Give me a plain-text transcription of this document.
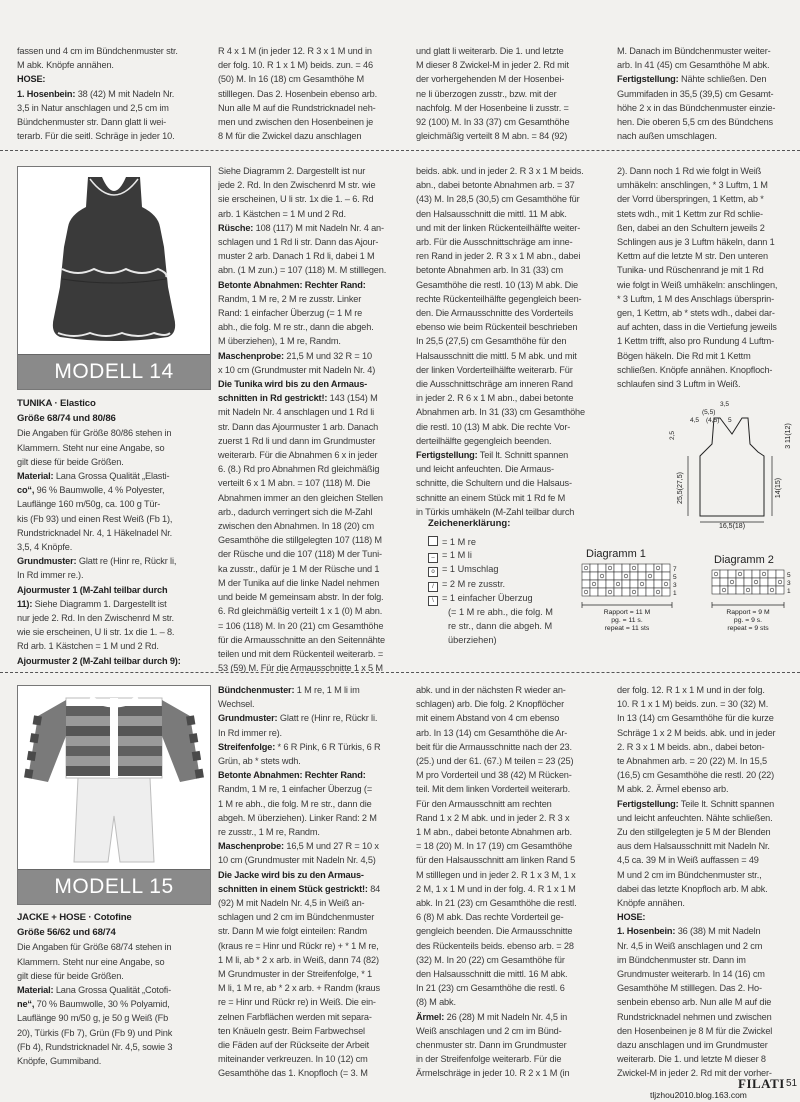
fassen und 4 cm im Bündchenmuster str.

M abk. Knöpfe annähen.

HOSE:

1. Hosenbein: 38 (42) M mit Nadeln Nr.

3,5 in Natur anschlagen und 2,5 cm im

Bündchenmuster str. Dann glatt li wei-

terarb. Für die seitl. Schräge in jeder 10.

R 4 x 1 M (in jeder 12. R 3 x 1 M und in

der folg. 10. R 1 x 1 M) beids. zun. = 46

(50) M. In 16 (18) cm Gesamthöhe M

stilllegen. Das 2. Hosenbein ebenso arb.

Nun alle M auf die Rundstricknadel neh-

men und zwischen den Hosenbeinen je

8 M für die Zwickel dazu anschlagen

und glatt li weiterarb. Die 1. und letzte

M dieser 8 Zwickel-M in jeder 2. Rd mit

der vorhergehenden M der Hosenbei-

ne li überzogen zusstr., bzw. mit der

nachfolg. M der Hosenbeine li zusstr. =

92 (100) M. In 33 (37) cm Gesamthöhe

gleichmäßig verteilt 8 M abn. = 84 (92)

M. Danach im Bündchenmuster weiter-

arb. In 41 (45) cm Gesamthöhe M abk.

Fertigstellung: Nähte schließen. Den

Gummifaden in 35,5 (39,5) cm Gesamt-

höhe 2 x in das Bündchenmuster einzie-

hen. Die oberen 5,5 cm des Bündchens

nach außen umschlagen.

MODELL 14

TUNIKA · Elastico

Größe 68/74 und 80/86

Die Angaben für Größe 80/86 stehen in

Klammern. Steht nur eine Angabe, so

gilt diese für beide Größen.

Material: Lana Grossa Qualität „Elasti-

co“, 96 % Baumwolle, 4 % Polyester,

Lauflänge 160 m/50g, ca. 100 g Tür-

kis (Fb 93) und einen Rest Weiß (Fb 1),

Rundstricknadel Nr. 4, 1 Häkelnadel Nr.

3,5, 4 Knöpfe.

Grundmuster: Glatt re (Hinr re, Rückr li,

In Rd immer re.).

Ajourmuster 1 (M-Zahl teilbar durch

11): Siehe Diagramm 1. Dargestellt ist

nur jede 2. Rd. In den Zwischenrd M str.

wie sie erscheinen, U li str. 1x die 1. – 8.

Rd arb. 1 Kästchen = 1 M und 2 Rd.

Ajourmuster 2 (M-Zahl teilbar durch 9):

Siehe Diagramm 2. Dargestellt ist nur

jede 2. Rd. In den Zwischenrd M str. wie

sie erscheinen, U li str. 1x die 1. – 6. Rd

arb. 1 Kästchen = 1 M und 2 Rd.

Rüsche: 108 (117) M mit Nadeln Nr. 4 an-

schlagen und 1 Rd li str. Dann das Ajour-

muster 2 arb. Danach 1 Rd li, dabei 1 M

abn. (1 M zun.) = 107 (118) M. M stilllegen.

Betonte Abnahmen: Rechter Rand:

Randm, 1 M re, 2 M re zusstr. Linker

Rand: 1 einfacher Überzug (= 1 M re

abh., die folg. M re str., dann die abgeh.

M überziehen), 1 M re, Randm.

Maschenprobe: 21,5 M und 32 R = 10

x 10 cm (Grundmuster mit Nadeln Nr. 4)

Die Tunika wird bis zu den Armaus-

schnitten in Rd gestrickt!: 143 (154) M

mit Nadeln Nr. 4 anschlagen und 1 Rd li

str. Dann das Ajourmuster 1 arb. Danach

zuerst 1 Rd li und dann im Grundmuster

weiterarb. Für die Abnahmen 6 x in jeder

6. (8.) Rd pro Abnahmen Rd gleichmäßig

verteilt 6 x 1 M abn. = 107 (118) M. Die

Abnahmen immer an den gleichen Stellen

arb., dadurch verringert sich die M-Zahl

zwischen den Abnahmen. In 18 (20) cm

Gesamthöhe die stillgelegten 107 (118) M

der Rüsche und die 107 (118) M der Tuni-

ka zusstr., dafür je 1 M der Rüsche und 1

M der Tunika auf die linke Nadel nehmen

und beide M gemeinsam abstr. In der folg.

6. Rd gleichmäßig verteilt 1 x 1 (0) M abn.

= 106 (118) M. In 20 (21) cm Gesamthöhe

für die Armausschnitte an den Seitennähte

teilen und mit dem Rückenteil weiterarb. =

53 (59) M. Für die Armausschnitte 1 x 5 M

beids. abk. und in jeder 2. R 3 x 1 M beids.

abn., dabei betonte Abnahmen arb. = 37

(43) M. In 28,5 (30,5) cm Gesamthöhe für

den Halsausschnitt die mittl. 11 M abk.

und mit der linken Rückenteilhälfte weiter-

arb. Für die Ausschnittschräge am inne-

ren Rand in jeder 2. R 3 x 1 M abn., dabei

betonte Abnahmen arb. In 31 (33) cm

Gesamthöhe die restl. 10 (13) M abk. Die

rechte Rückenteilhälfte gegengleich been-

den. Die Armausschnitte des Vorderteils

ebenso wie beim Rückenteil beschrieben

In 25,5 (27,5) cm Gesamthöhe für den

Halsausschnitt die mittl. 5 M abk. und mit

der linken Vorderteilhälfte weiterarb. Für

die Ausschnittschräge am inneren Rand

in jeder 2. R 6 x 1 M abn., dabei betonte

Abnahmen arb. In 31 (33) cm Gesamthöhe

die restl. 10 (13) M abk. Die rechte Vor-

derteilhälfte gegengleich beenden.

Fertigstellung: Teil lt. Schnitt spannen

und leicht anfeuchten. Die Armaus-

schnitte, die Schultern und die Halsaus-

schnitte an einem Stück mit 1 Rd fe M

in Türkis umhäkeln (M-Zahl teilbar durch

2). Dann noch 1 Rd wie folgt in Weiß

umhäkeln: anschlingen, * 3 Luftm, 1 M

der Vorrd überspringen, 1 Kettm, ab *

stets wdh., mit 1 Kettm zur Rd schlie-

ßen, dabei an den Schultern jeweils 2

Schlingen aus je 3 Luftm häkeln, dann 1

Kettm auf die letzte M str. Den unteren

Tunika- und Rüschenrand je mit 1 Rd

wie folgt in Weiß umhäkeln: anschlingen,

* 3 Luftm, 1 M des Anschlags übersprin-

gen, 1 Kettm, ab * stets wdh., dabei dar-

auf achten, dass in die Vertiefung jeweils

1 Kettm trifft, also pro Rundung 4 Luftm-

Bögen häkeln. Die Rd mit 1 Kettm

schließen. Knöpfe annähen. Knopfloch-

schlaufen sind 3 Luftm in Weiß.

16,5(18)
25,5(27,5)	14(15)
3 11(12)
3,5
(5,5)
4,5 (4,5) 5
2,5
Zeichenerklärung:
= 1 M re
– = 1 M li
o = 1 Umschlag
/ = 2 M re zusstr.
\ = 1 einfacher Überzug
(= 1 M re abh., die folg. M
re str., dann die abgeh. M
überziehen)
Diagramm 1
7
5
3
1
Rapport = 11 M
pg. = 11 s.
repeat = 11 sts
Diagramm 2
5
3
1
Rapport = 9 M
pg. = 9 s.
repeat = 9 sts
MODELL 15

JACKE + HOSE · Cotofine

Größe 56/62 und 68/74

Die Angaben für Größe 68/74 stehen in

Klammern. Steht nur eine Angabe, so

gilt diese für beide Größen.

Material: Lana Grossa Qualität „Cotofi-

ne“, 70 % Baumwolle, 30 % Polyamid,

Lauflänge 90 m/50 g, je 50 g Weiß (Fb

20), Türkis (Fb 7), Grün (Fb 9) und Pink

(Fb 4), Rundstricknadel Nr. 4,5, sowie 3

Knöpfe, Gummiband.

Bündchenmuster: 1 M re, 1 M li im

Wechsel.

Grundmuster: Glatt re (Hinr re, Rückr li.

In Rd immer re).

Streifenfolge: * 6 R Pink, 6 R Türkis, 6 R

Grün, ab * stets wdh.

Betonte Abnahmen: Rechter Rand:

Randm, 1 M re, 1 einfacher Überzug (=

1 M re abh., die folg. M re str., dann die

abgeh. M überziehen). Linker Rand: 2 M

re zusstr., 1 M re, Randm.

Maschenprobe: 16,5 M und 27 R = 10 x

10 cm (Grundmuster mit Nadeln Nr. 4,5)

Die Jacke wird bis zu den Armaus-

schnitten in einem Stück gestrickt!: 84

(92) M mit Nadeln Nr. 4,5 in Weiß an-

schlagen und 2 cm im Bündchenmuster

str. Dann M wie folgt einteilen: Randm

(kraus re = Hinr und Rückr re) + * 1 M re,

1 M li, ab * 2 x arb. in Weiß, dann 74 (82)

M Grundmuster in der Streifenfolge, * 1

M li, 1 M re, ab * 2 x arb. + Randm (kraus

re = Hinr und Rückr re) in Weiß. Die ein-

zelnen Farbflächen werden mit separa-

ten Knäueln gestr. Beim Farbwechsel

die Fäden auf der Rückseite der Arbeit

miteinander verkreuzen. In 10 (12) cm

Gesamthöhe das 1. Knopfloch (= 3. M

abk. und in der nächsten R wieder an-

schlagen) arb. Die folg. 2 Knopflöcher

mit einem Abstand von 4 cm ebenso

arb. In 13 (14) cm Gesamthöhe die Ar-

beit für die Armausschnitte nach der 23.

(25.) und der 61. (67.) M teilen = 23 (25)

M pro Vorderteil und 38 (42) M Rücken-

teil. Mit dem linken Vorderteil weiterarb.

Für den Armausschnitt am rechten

Rand 1 x 2 M abk. und in jeder 2. R 3 x

1 M abn., dabei betonte Abnahmen arb.

= 18 (20) M. In 17 (19) cm Gesamthöhe

für den Halsausschnitt am linken Rand 5

M stilllegen und in jeder 2. R 1 x 3 M, 1 x

2 M, 1 x 1 M und in der folg. 4. R 1 x 1 M

abk. In 21 (23) cm Gesamthöhe die restl.

6 (8) M abk. Das rechte Vorderteil ge-

gengleich beenden. Die Armausschnitte

des Rückenteils beids. ebenso arb. = 28

(32) M. In 20 (22) cm Gesamthöhe für

den Halsausschnitt die mittl. 16 M abk.

In 21 (23) cm Gesamthöhe die restl. 6

(8) M abk.

Ärmel: 26 (28) M mit Nadeln Nr. 4,5 in

Weiß anschlagen und 2 cm im Bünd-

chenmuster str. Dann im Grundmuster

in der Streifenfolge weiterarb. Für die

Ärmelschräge in jeder 10. R 2 x 1 M (in

der folg. 12. R 1 x 1 M und in der folg.

10. R 1 x 1 M) beids. zun. = 30 (32) M.

In 13 (14) cm Gesamthöhe für die kurze

Schräge 1 x 2 M beids. abk. und in jeder

2. R 3 x 1 M beids. abn., dabei beton-

te Abnahmen arb. = 20 (22) M. In 15,5

(16,5) cm Gesamthöhe die restl. 20 (22)

M abk. 2. Ärmel ebenso arb.

Fertigstellung: Teile lt. Schnitt spannen

und leicht anfeuchten. Nähte schließen.

Zu den stillgelegten je 5 M der Blenden

aus dem Halsausschnitt mit Nadeln Nr.

4,5 ca. 39 M in Weiß auffassen = 49

M und 2 cm im Bündchenmuster str.,

dabei das letzte Knopfloch arb. M abk.

Knöpfe annähen.

HOSE:

1. Hosenbein: 36 (38) M mit Nadeln

Nr. 4,5 in Weiß anschlagen und 2 cm

im Bündchenmuster str. Dann im

Grundmuster weiterarb. In 14 (16) cm

Gesamthöhe M stilllegen. Das 2. Ho-

senbein ebenso arb. Nun alle M auf die

Rundstricknadel nehmen und zwischen

den Hosenbeinen je 8 M für die Zwickel

dazu anschlagen und im Grundmuster

weiterarb. Die 1. und letzte M dieser 8

Zwickel-M in jeder 2. Rd mit der vorher-

FILATI 51
tljzhou2010.blog.163.com
